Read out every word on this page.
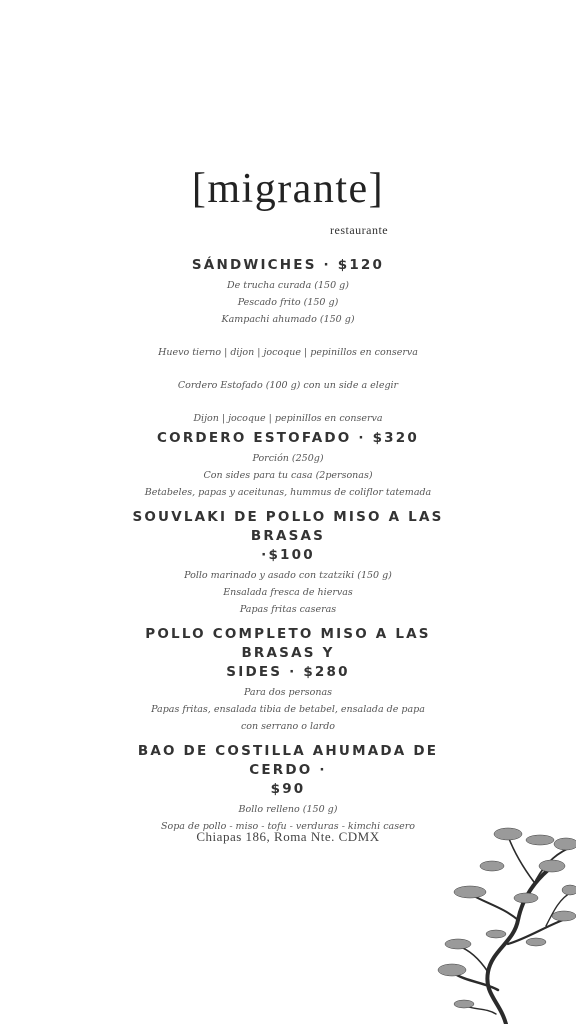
[migrante]
restaurante

SÁNDWICHES · $120

De trucha curada (150 g)

Pescado frito (150 g)

Kampachi ahumado (150 g)

Huevo tierno | dijon | jocoque | pepinillos en conserva

Cordero Estofado (100 g) con un side a elegir

Dijon | jocoque | pepinillos en conserva

CORDERO ESTOFADO · $320

Porción (250g)

Con sides para tu casa (2personas)

Betabeles, papas y aceitunas, hummus de coliflor tatemada

SOUVLAKI DE POLLO MISO A LAS BRASAS

·$100

Pollo marinado y asado con tzatziki (150 g)

Ensalada fresca de hiervas

Papas fritas caseras

POLLO COMPLETO MISO A LAS BRASAS Y

SIDES · $280

Para dos personas

Papas fritas, ensalada tibia de betabel, ensalada de papa

con serrano o lardo

BAO DE COSTILLA AHUMADA DE CERDO ·

$90

Bollo relleno (150 g)

Sopa de pollo - miso - tofu - verduras - kimchi casero

Chiapas 186, Roma Nte. CDMX
